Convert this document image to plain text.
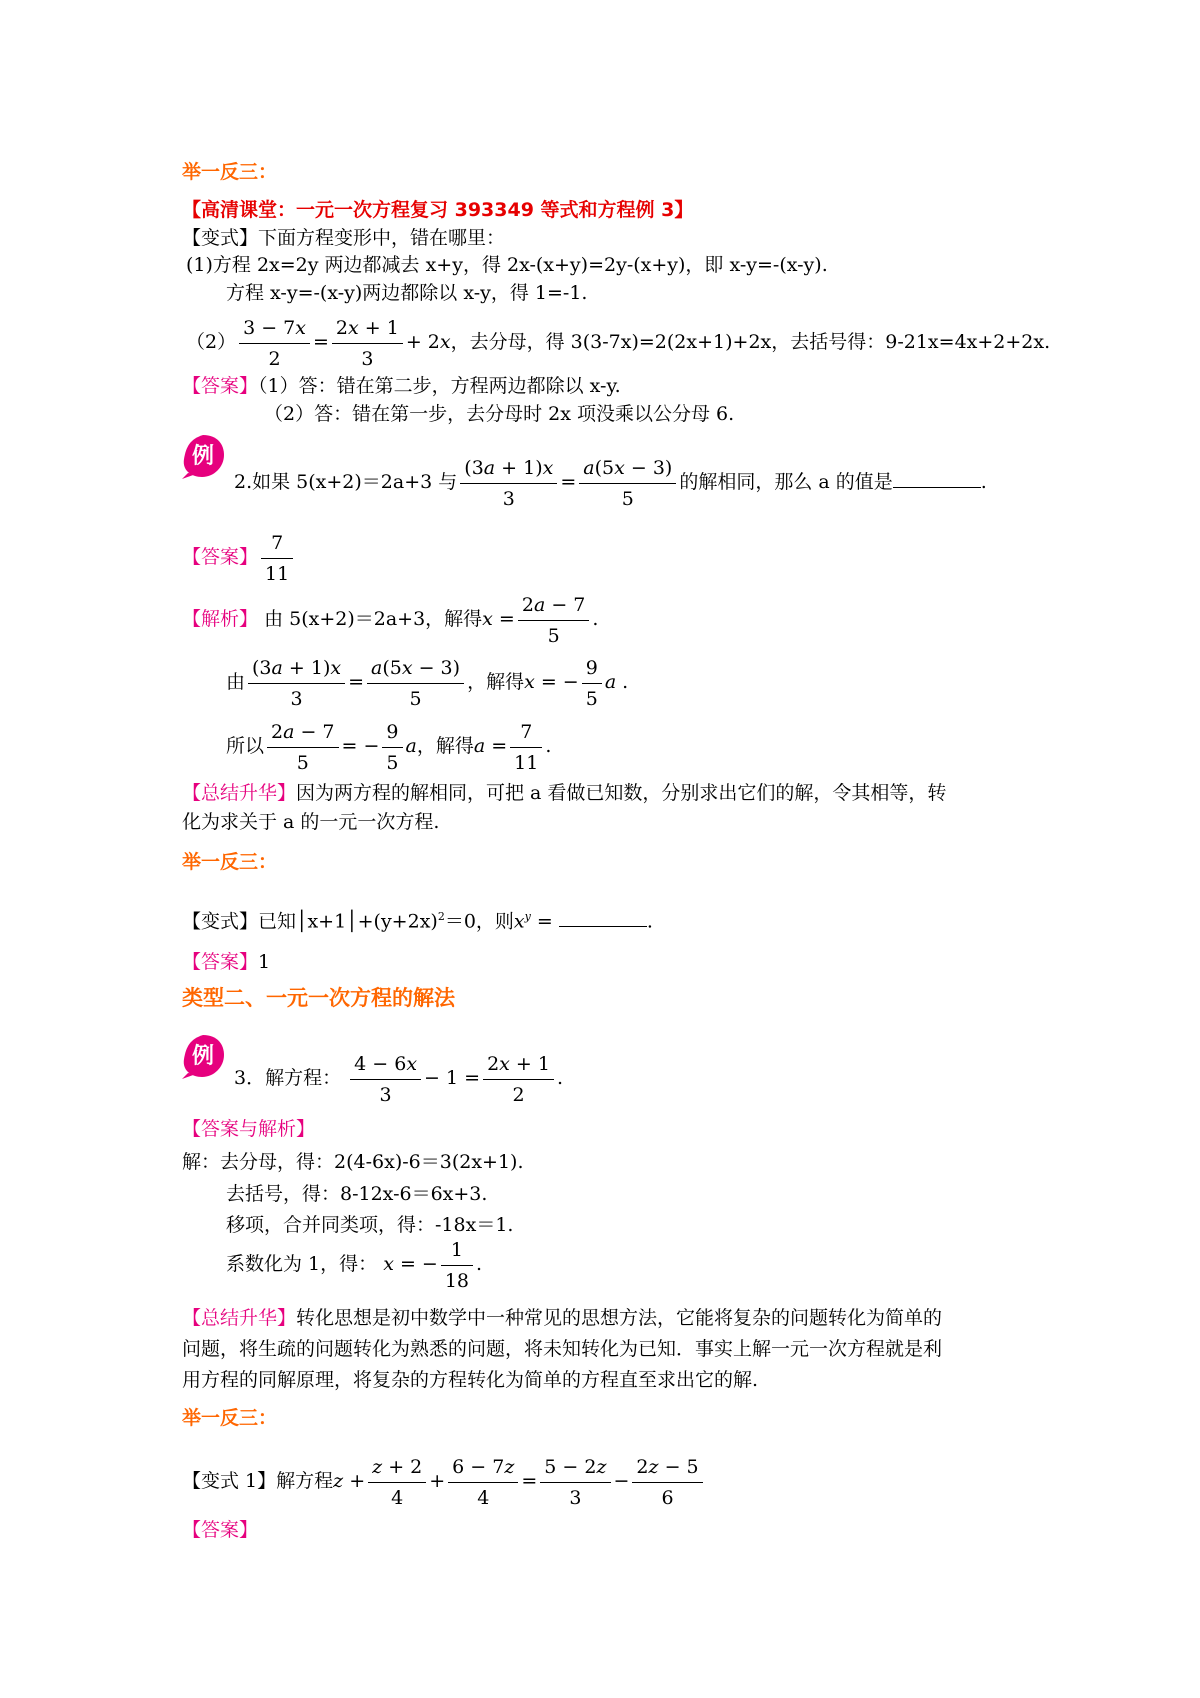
举一反三：
【高清课堂：一元一次方程复习 393349 等式和方程例 3】
【变式】下面方程变形中，错在哪里：
(1)方程 2x=2y 两边都减去 x+y，得 2x-(x+y)=2y-(x+y)，即 x-y=-(x-y).
方程 x-y=-(x-y)两边都除以 x-y，得 1=-1.
$(2) \frac{3 - 7x}{2} = \frac{2x + 1}{3} + 2x$，去分母，得 3(3-7x)=2(2x+1)+2x，去括号得：9-21x=4x+2+2x.
【答案】（1）答：错在第二步，方程两边都除以 x-y.
（2）答：错在第一步，去分母时 2x 项没乘以公分母 6.
例
2.如果 5(x+2)＝2a+3 与 $\frac{(3a + 1)x}{3} = \frac{a(5x - 3)}{5}$ 的解相同，那么 a 的值是	.
【答案】 $\frac{7}{11}$
【解析】 由 5(x+2)＝2a+3，解得$x = \frac{2a - 7}{5}$ .
由 $\frac{(3a + 1)x}{3} = \frac{a(5x - 3)}{5}$ ，解得x = − $\frac{9}{5}$ a .
所以 $\frac{2a - 7}{5}$ = − $\frac{9}{5}$ a，解得$a = \frac{7}{11}$ .
【总结升华】因为两方程的解相同，可把 a 看做已知数，分别求出它们的解，令其相等，转
化为求关于 a 的一元一次方程.
举一反三：
【变式】已知$│x+1│+(y+2x)^2=0$，则$x^y$ =	.
【答案】1
类型二、一元一次方程的解法
例
3．解方程： $\frac{4 - 6x}{3} - 1 = \frac{2x + 1}{2}$ .
【答案与解析】
解：去分母，得：2(4-6x)-6＝3(2x+1).
去括号，得：8-12x-6＝6x+3.
移项，合并同类项，得：-18x＝1.
系数化为 1，得： x = − $\frac{1}{18}$ .
【总结升华】转化思想是初中数学中一种常见的思想方法，它能将复杂的问题转化为简单的
问题，将生疏的问题转化为熟悉的问题，将未知转化为已知．事实上解一元一次方程就是利
用方程的同解原理，将复杂的方程转化为简单的方程直至求出它的解.
举一反三：
【变式 1】解方程$z + \frac{z + 2}{4} + \frac{6 - 7z}{4} = \frac{5 - 2z}{3} - \frac{2z - 5}{6}$
【答案】
